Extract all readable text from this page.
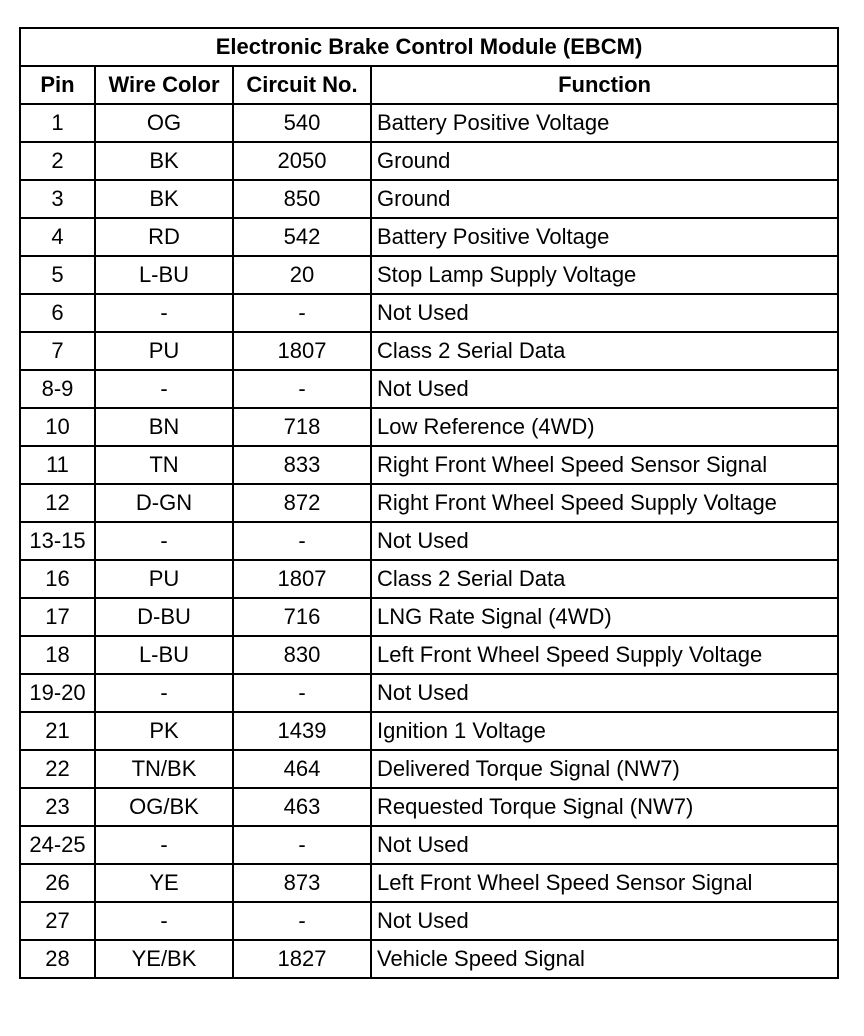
Electronic Brake Control Module (EBCM)			
Pin	Wire Color	Circuit No.	Function
1	OG	540	Battery Positive Voltage
2	BK	2050	Ground
3	BK	850	Ground
4	RD	542	Battery Positive Voltage
5	L-BU	20	Stop Lamp Supply Voltage
6	-	-	Not Used
7	PU	1807	Class 2 Serial Data
8-9	-	-	Not Used
10	BN	718	Low Reference (4WD)
11	TN	833	Right Front Wheel Speed Sensor Signal
12	D-GN	872	Right Front Wheel Speed Supply Voltage
13-15	-	-	Not Used
16	PU	1807	Class 2 Serial Data
17	D-BU	716	LNG Rate Signal (4WD)
18	L-BU	830	Left Front Wheel Speed Supply Voltage
19-20	-	-	Not Used
21	PK	1439	Ignition 1 Voltage
22	TN/BK	464	Delivered Torque Signal (NW7)
23	OG/BK	463	Requested Torque Signal (NW7)
24-25	-	-	Not Used
26	YE	873	Left Front Wheel Speed Sensor Signal
27	-	-	Not Used
28	YE/BK	1827	Vehicle Speed Signal
